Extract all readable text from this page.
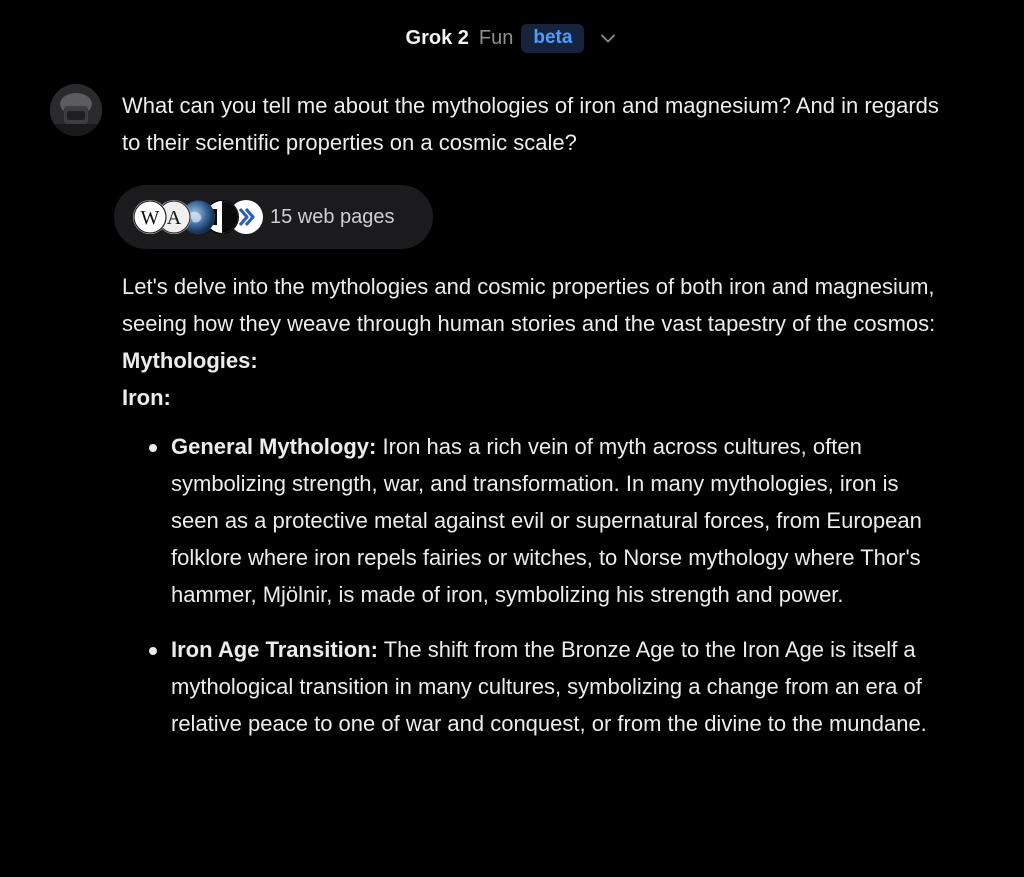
Grok 2 Fun	beta
What can you tell me about the mythologies of iron and magnesium? And in regards to their scientific properties on a cosmic scale?
W A	15 web pages

Let's delve into the mythologies and cosmic properties of both iron and magnesium, seeing how they weave through human stories and the vast tapestry of the cosmos:

Mythologies:

Iron:

General Mythology: Iron has a rich vein of myth across cultures, often symbolizing strength, war, and transformation. In many mythologies, iron is seen as a protective metal against evil or supernatural forces, from European folklore where iron repels fairies or witches, to Norse mythology where Thor's hammer, Mjölnir, is made of iron, symbolizing his strength and power.
Iron Age Transition: The shift from the Bronze Age to the Iron Age is itself a mythological transition in many cultures, symbolizing a change from an era of relative peace to one of war and conquest, or from the divine to the mundane.
